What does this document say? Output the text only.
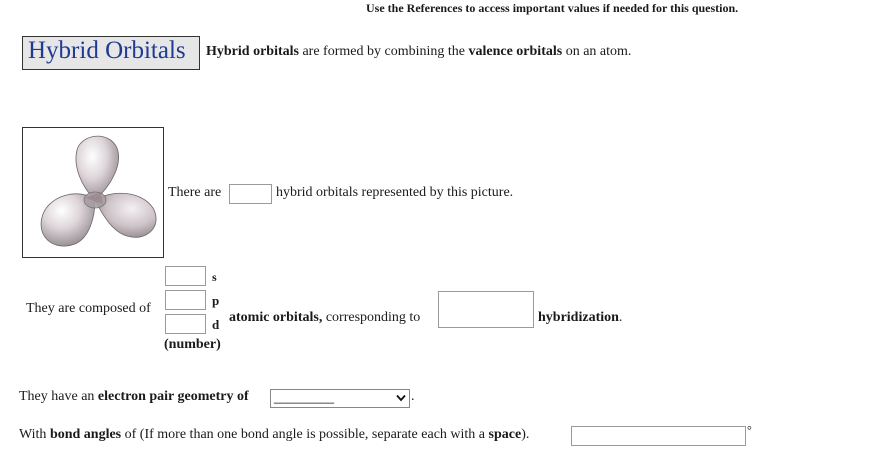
Use the References to access important values if needed for this question.
Hybrid Orbitals Hybrid orbitals are formed by combining the valence orbitals on an atom.
There are	hybrid orbitals represented by this picture.
s
They are composed of
p
d
(number)
atomic orbitals, corresponding to	hybridization.
They have an electron pair geometry of _________	.
With bond angles of (If more than one bond angle is possible, separate each with a space).	°
